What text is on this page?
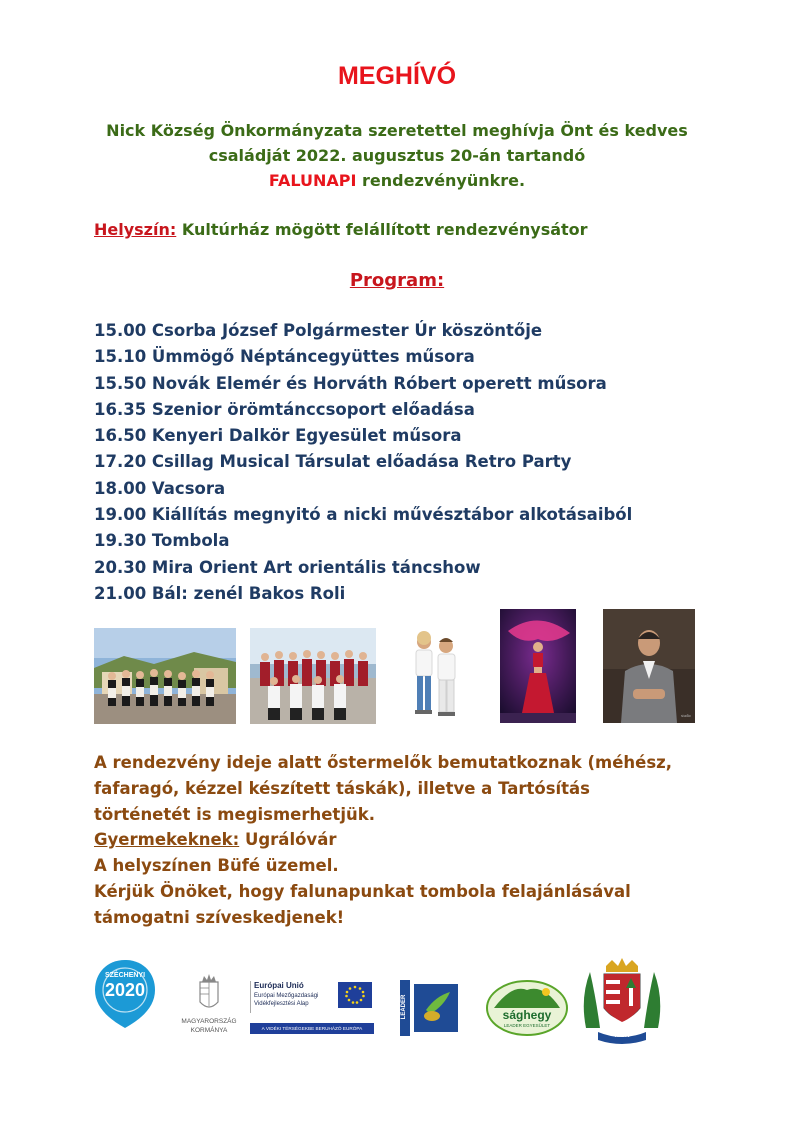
MEGHÍVÓ
Nick Község Önkormányzata szeretettel meghívja Önt és kedves
családját 2022. augusztus 20-án tartandó
FALUNAPI rendezvényünkre.
Helyszín: Kultúrház mögött felállított rendezvénysátor
Program:
15.00 Csorba József Polgármester Úr köszöntője
15.10 Ümmögő Néptáncegyüttes műsora
15.50 Novák Elemér és Horváth Róbert operett műsora
16.35 Szenior örömtánccsoport előadása
16.50 Kenyeri Dalkör Egyesület műsora
17.20 Csillag Musical Társulat előadása Retro Party
18.00 Vacsora
19.00 Kiállítás megnyitó a nicki művésztábor alkotásaiból
19.30 Tombola
20.30 Mira Orient Art orientális táncshow
21.00 Bál: zenél Bakos Roli
studio
A rendezvény ideje alatt őstermelők bemutatkoznak (méhész,
fafaragó, kézzel készített táskák), illetve a Tartósítás
történetét is megismerhetjük.
Gyermekeknek: Ugrálóvár
A helyszínen Büfé üzemel.
Kérjük Önöket, hogy falunapunkat tombola felajánlásával
támogatni szíveskedjenek!
SZÉCHENYI
2020
MAGYARORSZÁG
KORMÁNYA
Európai Unió
Európai Mezőgazdasági
Vidékfejlesztési Alap
A VIDÉKI TÉRSÉGEKBE BERUHÁZÓ EURÓPA
LEADER	sághegy
LEADER EGYESÜLET
NICK
